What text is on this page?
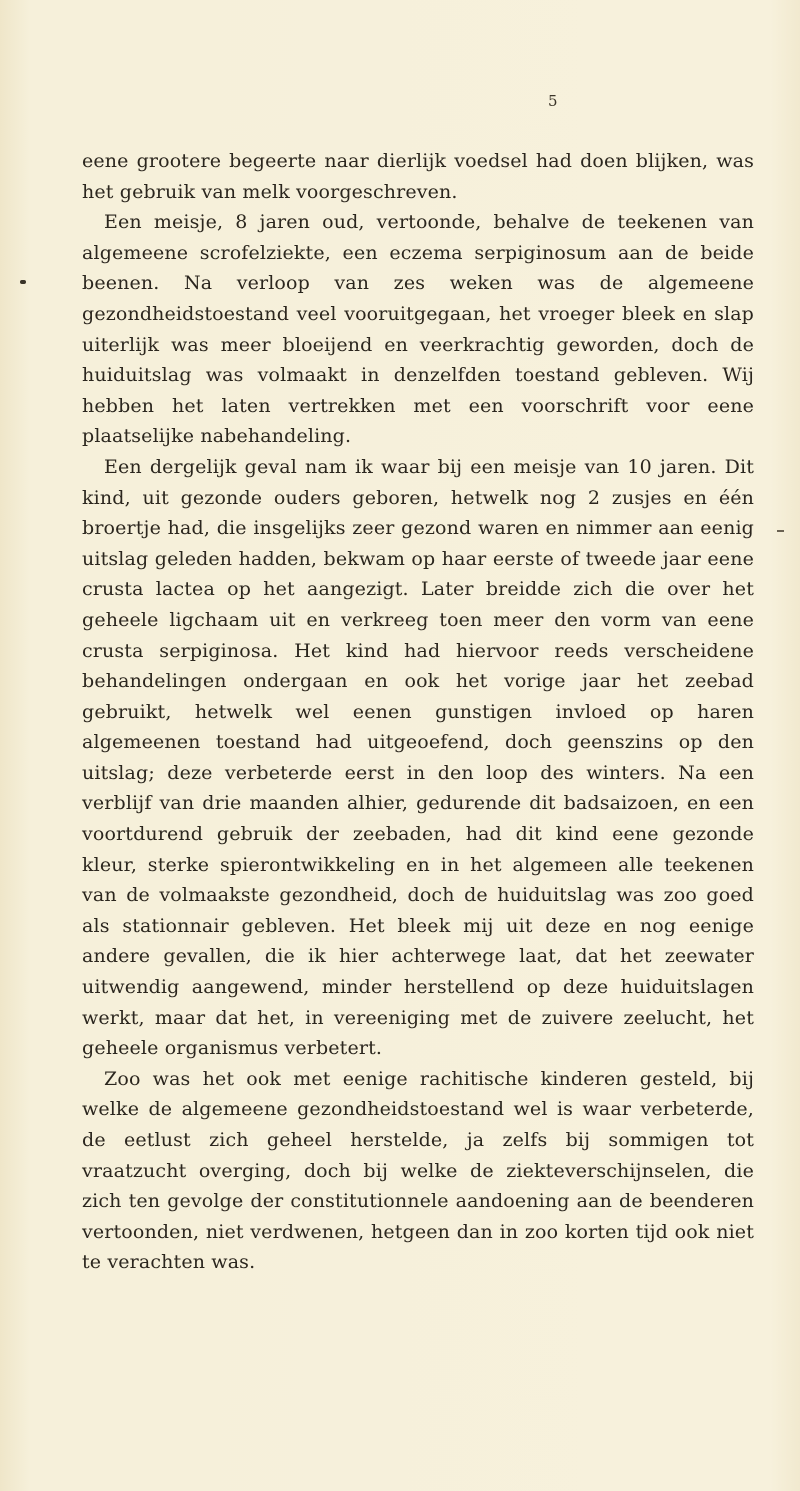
5

eene grootere begeerte naar dierlijk voedsel had doen blijken, was het gebruik van melk voorgeschreven.

Een meisje, 8 jaren oud, vertoonde, behalve de teekenen van algemeene scrofelziekte, een eczema serpiginosum aan de beide beenen. Na verloop van zes weken was de algemeene gezondheidstoestand veel vooruitgegaan, het vroeger bleek en slap uiterlijk was meer bloeijend en veerkrachtig geworden, doch de huiduitslag was volmaakt in denzelfden toestand gebleven. Wij hebben het laten vertrekken met een voorschrift voor eene plaatselijke nabehandeling.

Een dergelijk geval nam ik waar bij een meisje van 10 jaren. Dit kind, uit gezonde ouders geboren, hetwelk nog 2 zusjes en één broertje had, die insgelijks zeer gezond waren en nimmer aan eenig uitslag geleden hadden, bekwam op haar eerste of tweede jaar eene crusta lactea op het aangezigt. Later breidde zich die over het geheele ligchaam uit en verkreeg toen meer den vorm van eene crusta serpiginosa. Het kind had hiervoor reeds verscheidene behandelingen ondergaan en ook het vorige jaar het zeebad gebruikt, hetwelk wel eenen gunstigen invloed op haren algemeenen toestand had uitgeoefend, doch geenszins op den uitslag; deze verbeterde eerst in den loop des winters. Na een verblijf van drie maanden alhier, gedurende dit badsaizoen, en een voortdurend gebruik der zeebaden, had dit kind eene gezonde kleur, sterke spierontwikkeling en in het algemeen alle teekenen van de volmaakste gezondheid, doch de huiduitslag was zoo goed als stationnair gebleven. Het bleek mij uit deze en nog eenige andere gevallen, die ik hier achterwege laat, dat het zeewater uitwendig aangewend, minder herstellend op deze huiduitslagen werkt, maar dat het, in vereeniging met de zuivere zeelucht, het geheele organismus verbetert.

Zoo was het ook met eenige rachitische kinderen gesteld, bij welke de algemeene gezondheidstoestand wel is waar verbeterde, de eetlust zich geheel herstelde, ja zelfs bij sommigen tot vraatzucht overging, doch bij welke de ziekteverschijnselen, die zich ten gevolge der constitutionnele aandoening aan de beenderen vertoonden, niet verdwenen, hetgeen dan in zoo korten tijd ook niet te verachten was.
